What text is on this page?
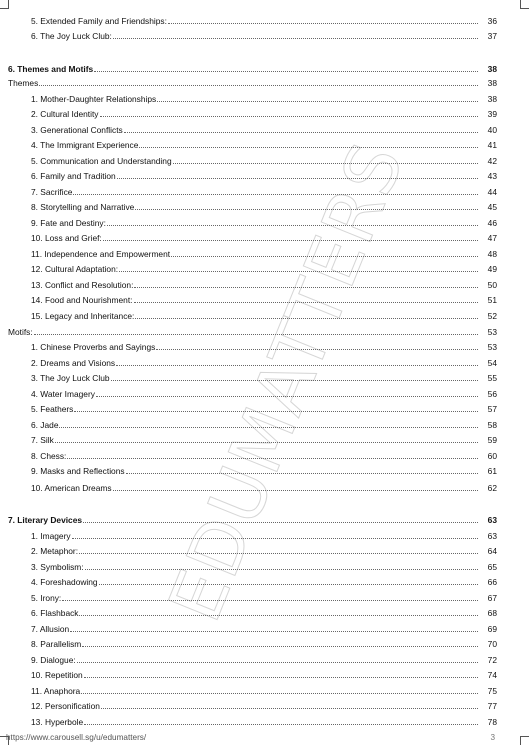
EDUMATTERS
5. Extended Family and Friendships:	36
6. The Joy Luck Club:	37
6. Themes and Motifs	38
Themes	38
1. Mother-Daughter Relationships	38
2. Cultural Identity	39
3. Generational Conflicts	40
4. The Immigrant Experience	41
5. Communication and Understanding	42
6. Family and Tradition	43
7. Sacrifice	44
8. Storytelling and Narrative	45
9. Fate and Destiny:	46
10. Loss and Grief:	47
11. Independence and Empowerment	48
12. Cultural Adaptation:	49
13. Conflict and Resolution:	50
14. Food and Nourishment:	51
15. Legacy and Inheritance:	52
Motifs:	53
1. Chinese Proverbs and Sayings	53
2. Dreams and Visions	54
3. The Joy Luck Club	55
4. Water Imagery	56
5. Feathers	57
6. Jade	58
7. Silk	59
8. Chess:	60
9. Masks and Reflections	61
10. American Dreams	62
7. Literary Devices	63
1. Imagery	63
2. Metaphor:	64
3. Symbolism:	65
4. Foreshadowing	66
5. Irony:	67
6. Flashback	68
7. Allusion	69
8. Parallelism	70
9. Dialogue:	72
10. Repetition	74
11. Anaphora	75
12. Personification	77
13. Hyperbole	78
https://www.carousell.sg/u/edumatters/	3
